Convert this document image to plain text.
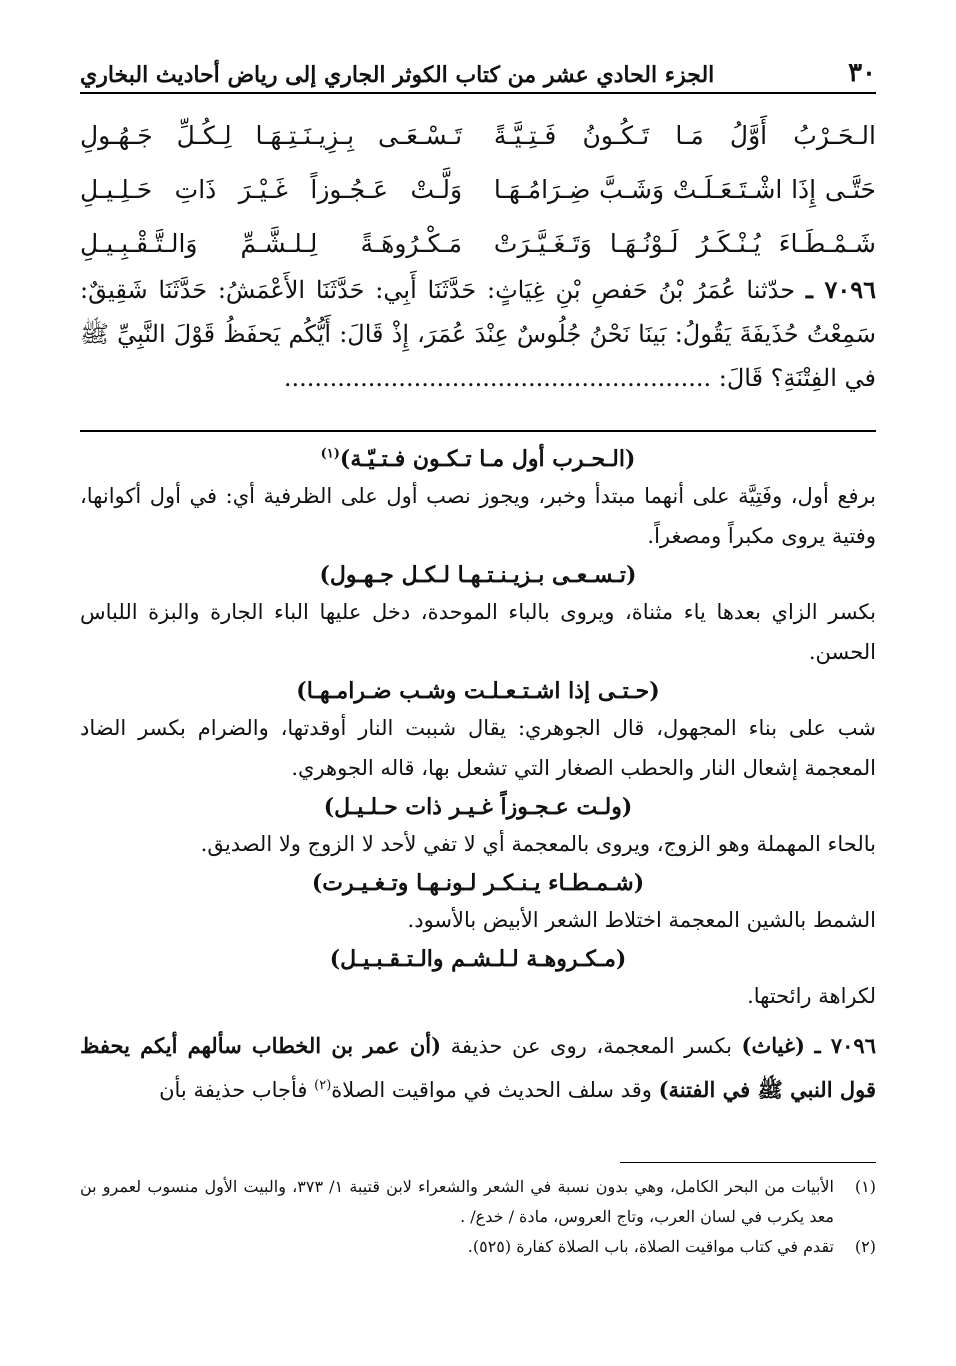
٣٠
الجزء الحادي عشر من كتاب الكوثر الجاري إلى رياض أحاديث البخاري
الـحَـرْبُ أَوَّلُ مَـا تَـكُـونُ فَـتِـيَّـةً
تَـسْـعَـى بِـزِيـنَـتِـهَـا لِـكُـلِّ جَـهُـولِ
حَتَّـى إِذَا اشْـتَـعَـلَـتْ وَشَـبَّ ضِـرَامُـهَـا
وَلَّـتْ عَـجُـوزاً غَـيْـرَ ذَاتِ حَـلِـيـلِ
شَـمْـطَـاءَ يُـنْـكَـرُ لَـوْنُـهَـا وَتَـغَـيَّـرَتْ
مَـكْـرُوهَـةً لِـلـشَّـمِّ وَالـتَّـقْـبِـيـلِ
٧٠٩٦ ـ حدّثنا عُمَرُ بْنُ حَفصِ بْنِ غِيَاثٍ: حَدَّثَنَا أَبِي: حَدَّثَنَا الأَعْمَشُ: حَدَّثَنَا شَقِيقٌ: سَمِعْتُ حُذَيفَةَ يَقُولُ: بَينَا نَحْنُ جُلُوسٌ عِنْدَ عُمَرَ، إِذْ قَالَ: أَيُّكُم يَحفَظُ قَوْلَ النَّبِيِّ ﷺ في الفِتْنَةِ؟ قَالَ: ........................................................
(الـحـرب أول مـا تـكـون فـتـيّـة)$^{(١)}$
برفع أول، وفَتِيَّة على أنهما مبتدأ وخبر، ويجوز نصب أول على الظرفية أي: في أول أكوانها، وفتية يروى مكبراً ومصغراً.
(تـسـعـى بـزيـنـتـهـا لـكـل جـهـول)
بكسر الزاي بعدها ياء مثناة، ويروى بالباء الموحدة، دخل عليها الباء الجارة والبزة اللباس الحسن.
(حـتـى إذا اشـتـعـلـت وشـب ضـرامـهـا)
شب على بناء المجهول، قال الجوهري: يقال شببت النار أوقدتها، والضرام بكسر الضاد المعجمة إشعال النار والحطب الصغار التي تشعل بها، قاله الجوهري.
(ولـت عـجـوزاً غـيـر ذات حـلـيـل)
بالحاء المهملة وهو الزوج، ويروى بالمعجمة أي لا تفي لأحد لا الزوج ولا الصديق.
(شـمـطـاء يـنـكـر لـونـهـا وتـغـيـرت)
الشمط بالشين المعجمة اختلاط الشعر الأبيض بالأسود.
(مـكـروهـة لـلـشـم والـتـقـبـيـل)
لكراهة رائحتها.
٧٠٩٦ ـ (غياث) بكسر المعجمة، روى عن حذيفة (أن عمر بن الخطاب سألهم أيكم يحفظ قول النبي ﷺ في الفتنة) وقد سلف الحديث في مواقيت الصلاة$^{(٢)}$ فأجاب حذيفة بأن
(١)
الأبيات من البحر الكامل، وهي بدون نسبة في الشعر والشعراء لابن قتيبة ١/ ٣٧٣، والبيت الأول منسوب لعمرو بن معد يكرب في لسان العرب، وتاج العروس، مادة / خدع/ .
(٢)
تقدم في كتاب مواقيت الصلاة، باب الصلاة كفارة (٥٢٥).
